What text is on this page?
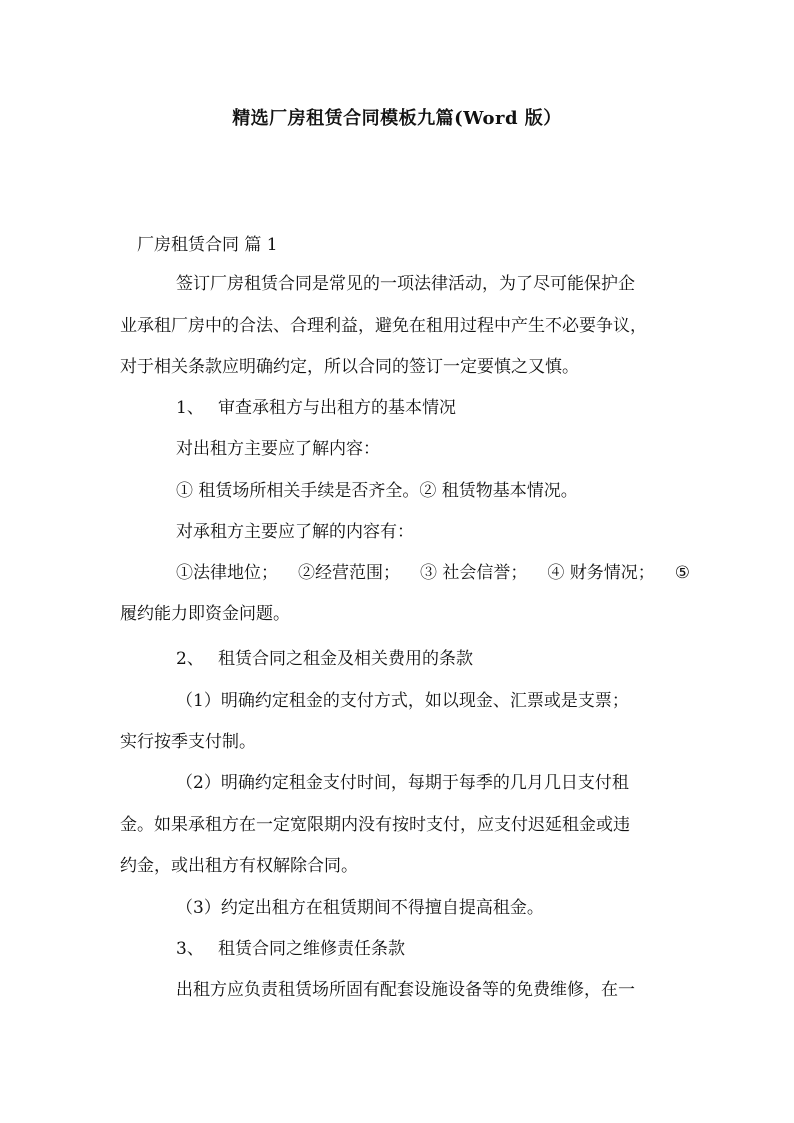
精选厂房租赁合同模板九篇(Word 版）
厂房租赁合同 篇 1
签订厂房租赁合同是常见的一项法律活动，为了尽可能保护企
业承租厂房中的合法、合理利益，避免在租用过程中产生不必要争议，
对于相关条款应明确约定，所以合同的签订一定要慎之又慎。
1、 审查承租方与出租方的基本情况
对出租方主要应了解内容：
① 租赁场所相关手续是否齐全。② 租赁物基本情况。
对承租方主要应了解的内容有：
①法律地位； ②经营范围； ③ 社会信誉； ④ 财务情况； ⑤
履约能力即资金问题。
2、 租赁合同之租金及相关费用的条款
（1）明确约定租金的支付方式，如以现金、汇票或是支票；
实行按季支付制。
（2）明确约定租金支付时间，每期于每季的几月几日支付租
金。如果承租方在一定宽限期内没有按时支付，应支付迟延租金或违
约金，或出租方有权解除合同。
（3）约定出租方在租赁期间不得擅自提高租金。
3、 租赁合同之维修责任条款
出租方应负责租赁场所固有配套设施设备等的免费维修，在一
